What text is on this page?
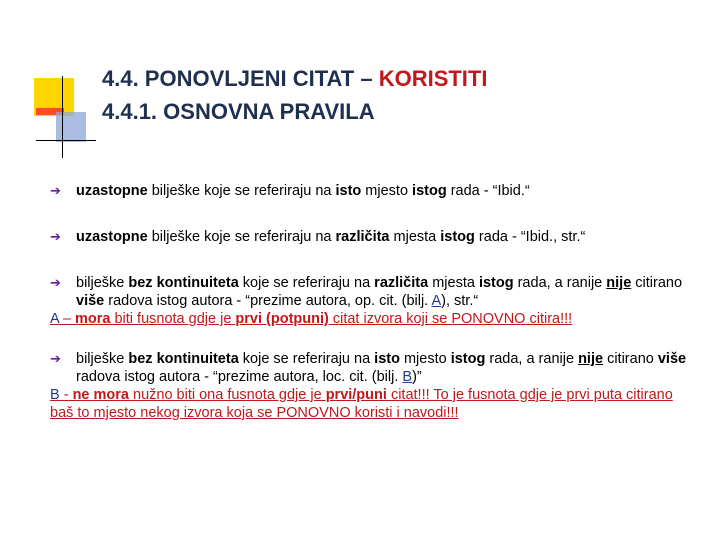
4.4. PONOVLJENI CITAT – KORISTITI
4.4.1. OSNOVNA PRAVILA
➔ uzastopne bilješke koje se referiraju na isto mjesto istog rada - “Ibid.“
➔ uzastopne bilješke koje se referiraju na različita mjesta istog rada - “Ibid., str.“
➔ bilješke bez kontinuiteta koje se referiraju na različita mjesta istog rada, a ranije nije citirano više radova istog autora - “prezime autora, op. cit. (bilj. A), str.“
A – mora biti fusnota gdje je prvi (potpuni) citat izvora koji se PONOVNO citira!!!
➔ bilješke bez kontinuiteta koje se referiraju na isto mjesto istog rada, a ranije nije citirano više radova istog autora - “prezime autora, loc. cit. (bilj. B)”
B - ne mora nužno biti ona fusnota gdje je prvi/puni citat!!! To je fusnota gdje je prvi puta citirano baš to mjesto nekog izvora koja se PONOVNO koristi i navodi!!!
